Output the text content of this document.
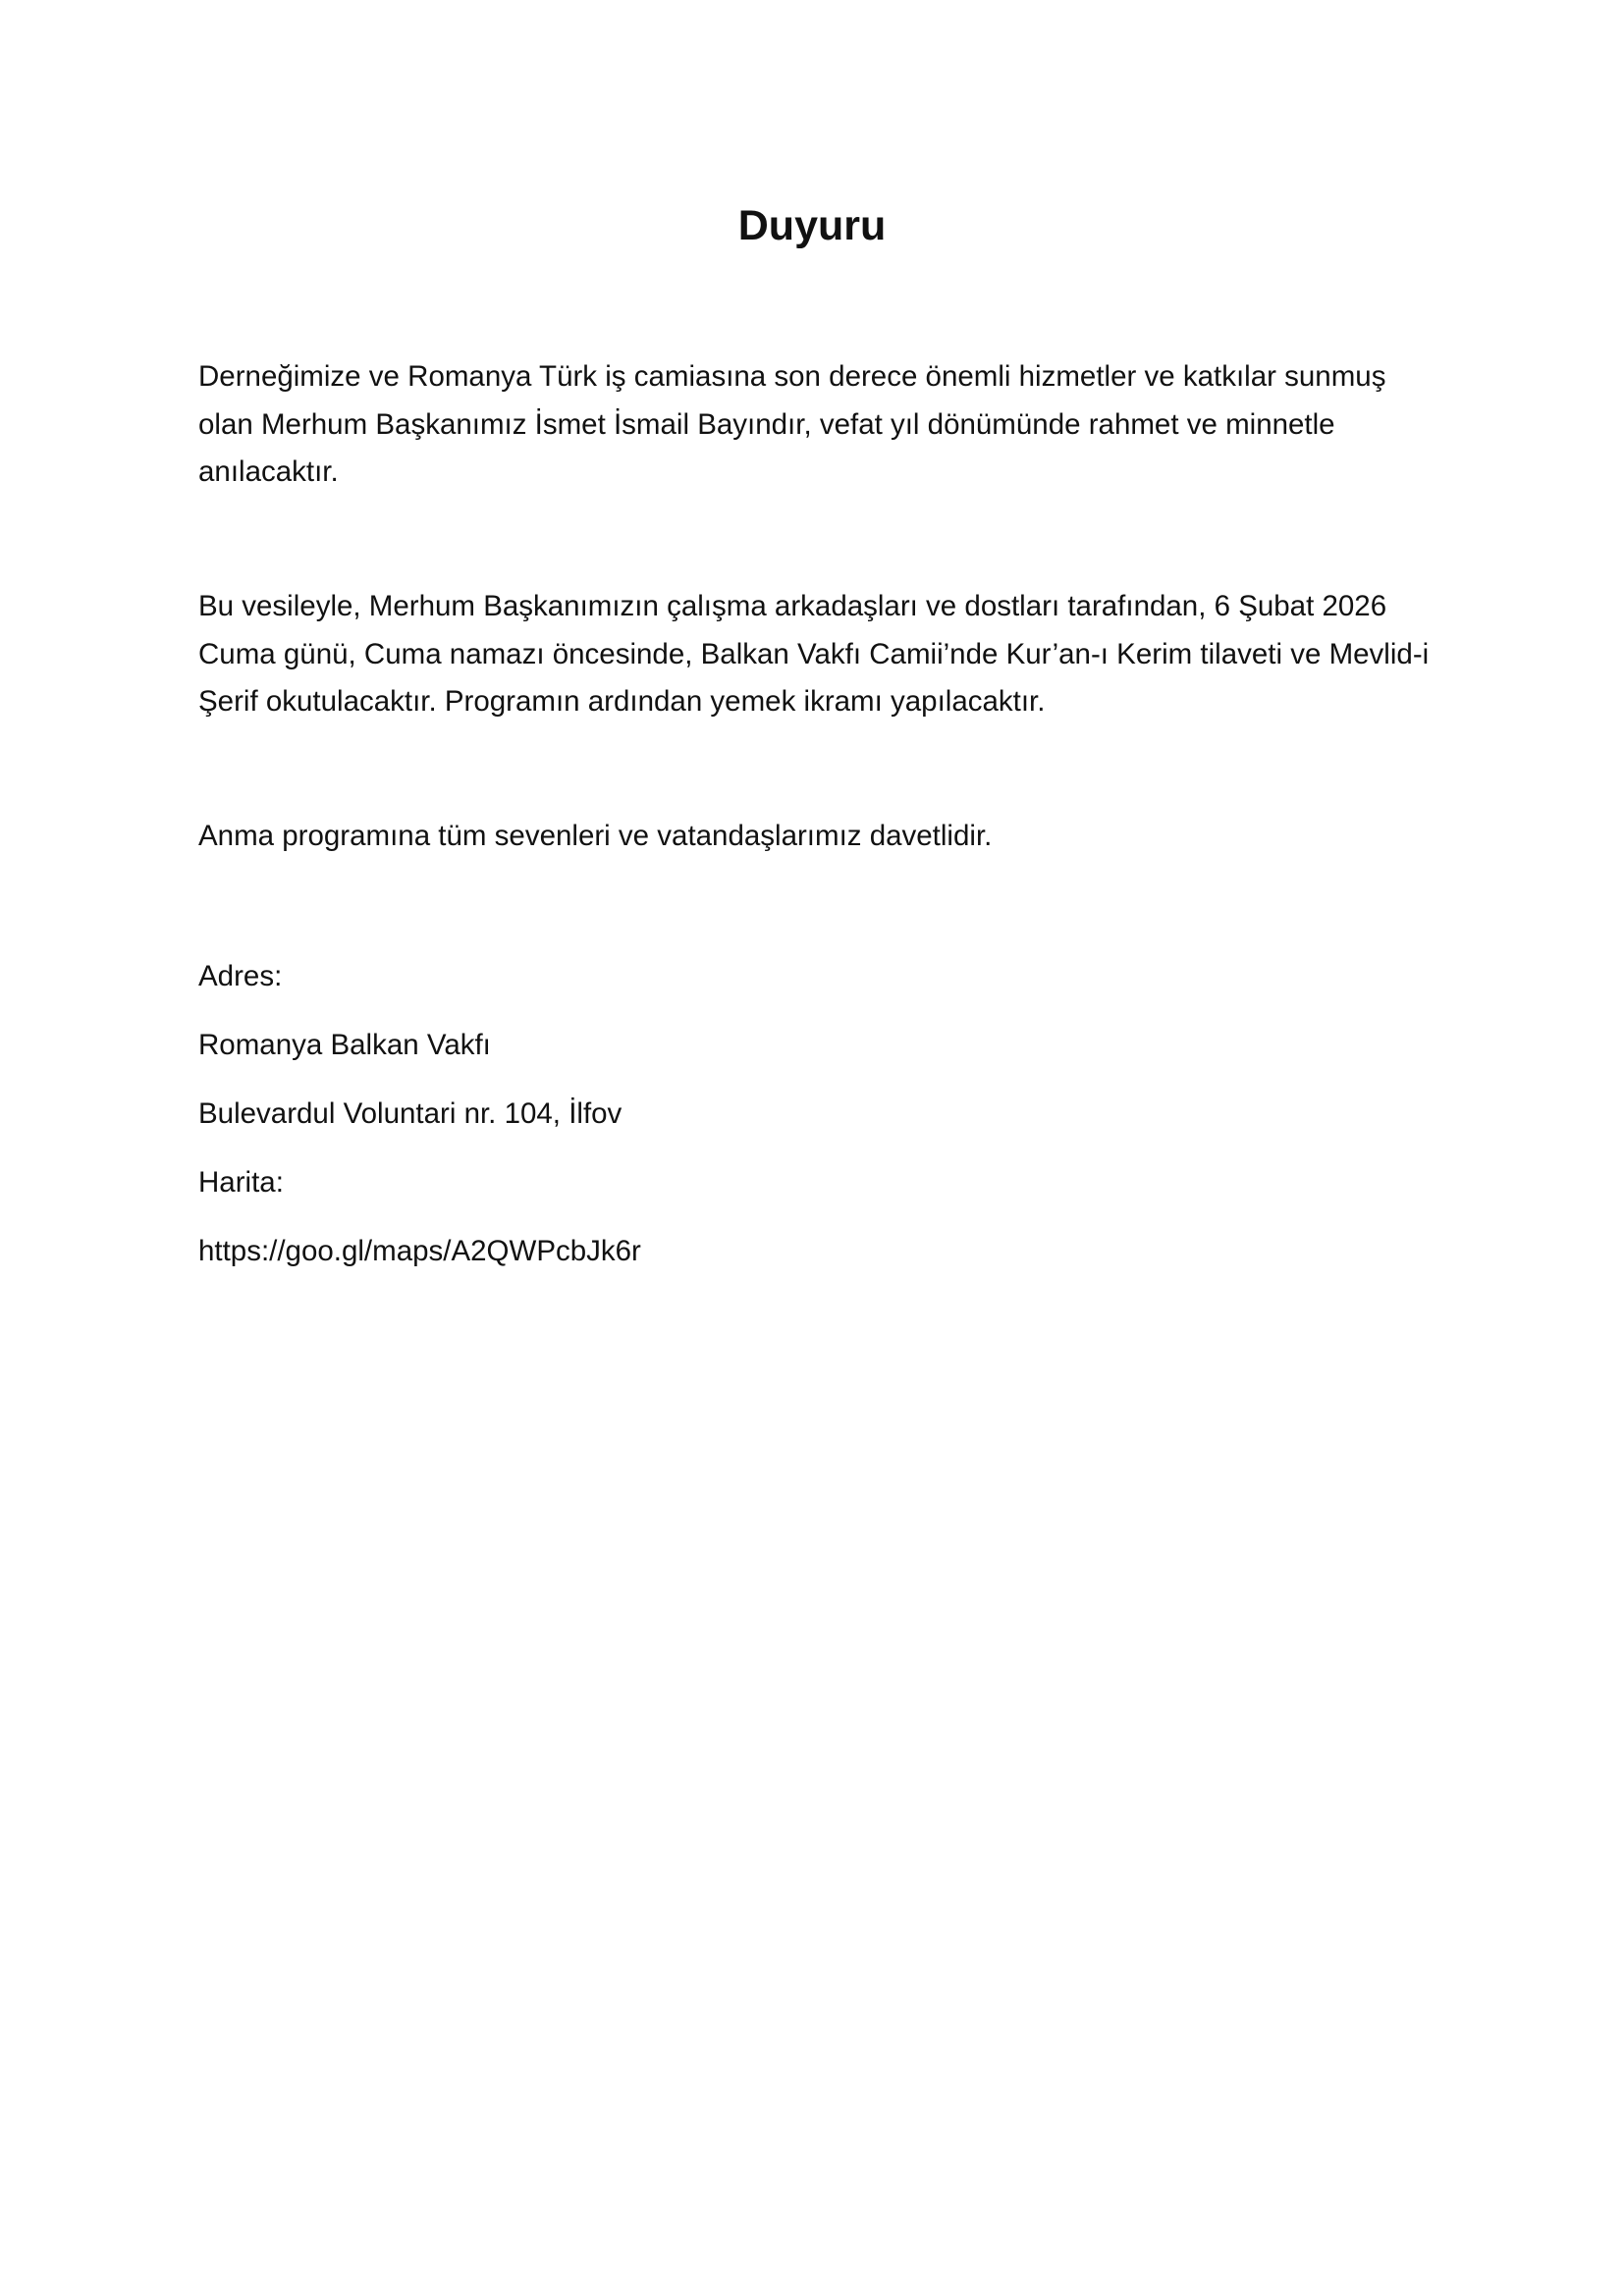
Duyuru

Derneğimize ve Romanya Türk iş camiasına son derece önemli hizmetler ve katkılar sunmuş olan Merhum Başkanımız İsmet İsmail Bayındır, vefat yıl dönümünde rahmet ve minnetle anılacaktır.

Bu vesileyle, Merhum Başkanımızın çalışma arkadaşları ve dostları tarafından, 6 Şubat 2026 Cuma günü, Cuma namazı öncesinde, Balkan Vakfı Camii’nde Kur’an-ı Kerim tilaveti ve Mevlid-i Şerif okutulacaktır. Programın ardından yemek ikramı yapılacaktır.

Anma programına tüm sevenleri ve vatandaşlarımız davetlidir.

Adres:

Romanya Balkan Vakfı

Bulevardul Voluntari nr. 104, İlfov

Harita:

https://goo.gl/maps/A2QWPcbJk6r
